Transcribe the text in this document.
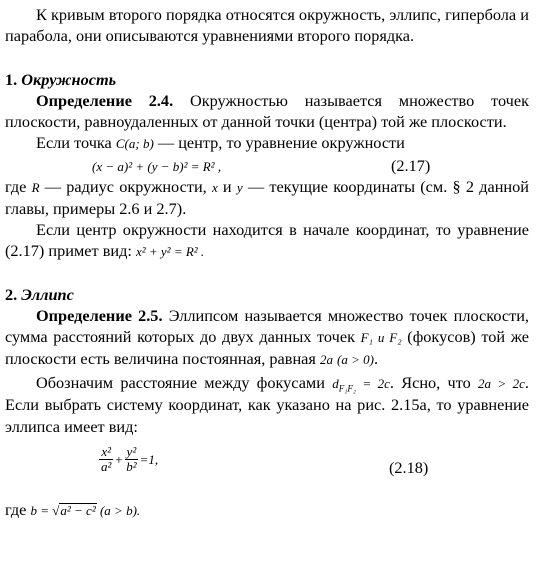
К кривым второго порядка относятся окружность, эллипс, гипербола и парабола, они описываются уравнениями второго порядка.

1. Окружность

Определение 2.4. Окружностью называется множество точек плоскости, равноудаленных от данной точки (центра) той же плоскости.

Если точка C(a; b) — центр, то уравнение окружности

(x − a)² + (y − b)² = R² ,	(2.17)

где R — радиус окружности, x и y — текущие координаты (см. § 2 данной главы, примеры 2.6 и 2.7).

Если центр окружности находится в начале координат, то уравнение (2.17) примет вид: x² + y² = R² .

2. Эллипс

Определение 2.5. Эллипсом называется множество точек плоскости, сумма расстояний которых до двух данных точек F₁ и F₂ (фокусов) той же плоскости есть величина постоянная, равная 2a (a > 0).

Обозначим расстояние между фокусами $d_{F_1F_2} = 2c$. Ясно, что 2a > 2c. Если выбрать систему координат, как указано на рис. 2.15а, то уравнение эллипса имеет вид:

$\frac{\text{x²}}{\text{a²}} + \frac{\text{y²}}{\text{b²}} =1$,	(2.18)

где b = √a² − c² (a > b).
